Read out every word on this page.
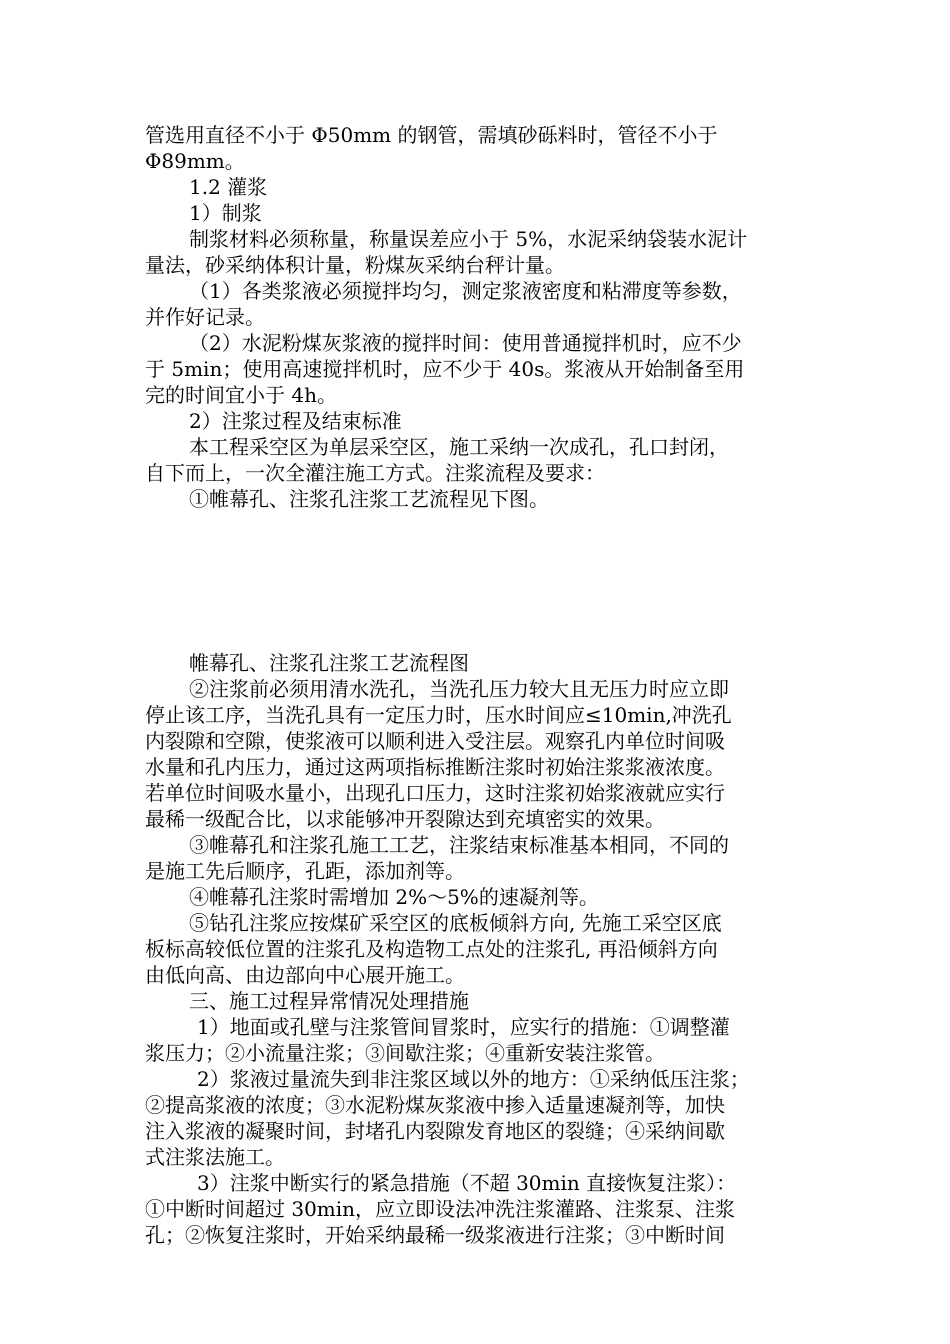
管选用直径不小于 Φ50mm 的钢管，需填砂砾料时，管径不小于
Φ89mm。
1.2 灌浆
1）制浆
制浆材料必须称量，称量误差应小于 5%，水泥采纳袋装水泥计
量法，砂采纳体积计量，粉煤灰采纳台秤计量。
（1）各类浆液必须搅拌均匀，测定浆液密度和粘滞度等参数，
并作好记录。
（2）水泥粉煤灰浆液的搅拌时间：使用普通搅拌机时，应不少
于 5min；使用高速搅拌机时，应不少于 40s。浆液从开始制备至用
完的时间宜小于 4h。
2）注浆过程及结束标准
本工程采空区为单层采空区，施工采纳一次成孔，孔口封闭，
自下而上，一次全灌注施工方式。注浆流程及要求：
①帷幕孔、注浆孔注浆工艺流程见下图。
帷幕孔、注浆孔注浆工艺流程图
②注浆前必须用清水洗孔，当洗孔压力较大且无压力时应立即
停止该工序，当洗孔具有一定压力时，压水时间应≤10min,冲洗孔
内裂隙和空隙，使浆液可以顺利进入受注层。观察孔内单位时间吸
水量和孔内压力，通过这两项指标推断注浆时初始注浆浆液浓度。
若单位时间吸水量小，出现孔口压力，这时注浆初始浆液就应实行
最稀一级配合比，以求能够冲开裂隙达到充填密实的效果。
③帷幕孔和注浆孔施工工艺，注浆结束标准基本相同，不同的
是施工先后顺序，孔距，添加剂等。
④帷幕孔注浆时需增加 2%～5%的速凝剂等。
⑤钻孔注浆应按煤矿采空区的底板倾斜方向, 先施工采空区底
板标高较低位置的注浆孔及构造物工点处的注浆孔, 再沿倾斜方向
由低向高、由边部向中心展开施工。
三、施工过程异常情况处理措施
1）地面或孔壁与注浆管间冒浆时，应实行的措施：①调整灌
浆压力；②小流量注浆；③间歇注浆；④重新安装注浆管。
2）浆液过量流失到非注浆区域以外的地方：①采纳低压注浆；
②提高浆液的浓度；③水泥粉煤灰浆液中掺入适量速凝剂等，加快
注入浆液的凝聚时间，封堵孔内裂隙发育地区的裂缝；④采纳间歇
式注浆法施工。
3）注浆中断实行的紧急措施（不超 30min 直接恢复注浆）：
①中断时间超过 30min，应立即设法冲洗注浆灌路、注浆泵、注浆
孔；②恢复注浆时，开始采纳最稀一级浆液进行注浆；③中断时间
